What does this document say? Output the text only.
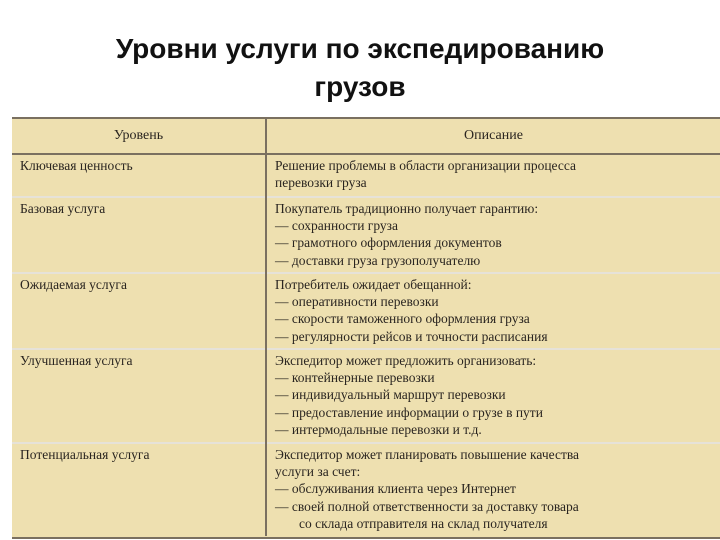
Уровни услуги по экспедированию
грузов
Уровень	Описание
Ключевая ценность	Решение проблемы в области организации процесса
перевозки груза

Базовая услуга	Покупатель традиционно получает гарантию:
— сохранности груза
— грамотного оформления документов
— доставки груза грузополучателю

Ожидаемая услуга	Потребитель ожидает обещанной:
— оперативности перевозки
— скорости таможенного оформления груза
— регулярности рейсов и точности расписания

Улучшенная услуга	Экспедитор может предложить организовать:
— контейнерные перевозки
— индивидуальный маршрут перевозки
— предоставление информации о грузе в пути
— интермодальные перевозки и т.д.

Потенциальная услуга	Экспедитор может планировать повышение качества
услуги за счет:
— обслуживания клиента через Интернет
— своей полной ответственности за доставку товара
со склада отправителя на склад получателя
